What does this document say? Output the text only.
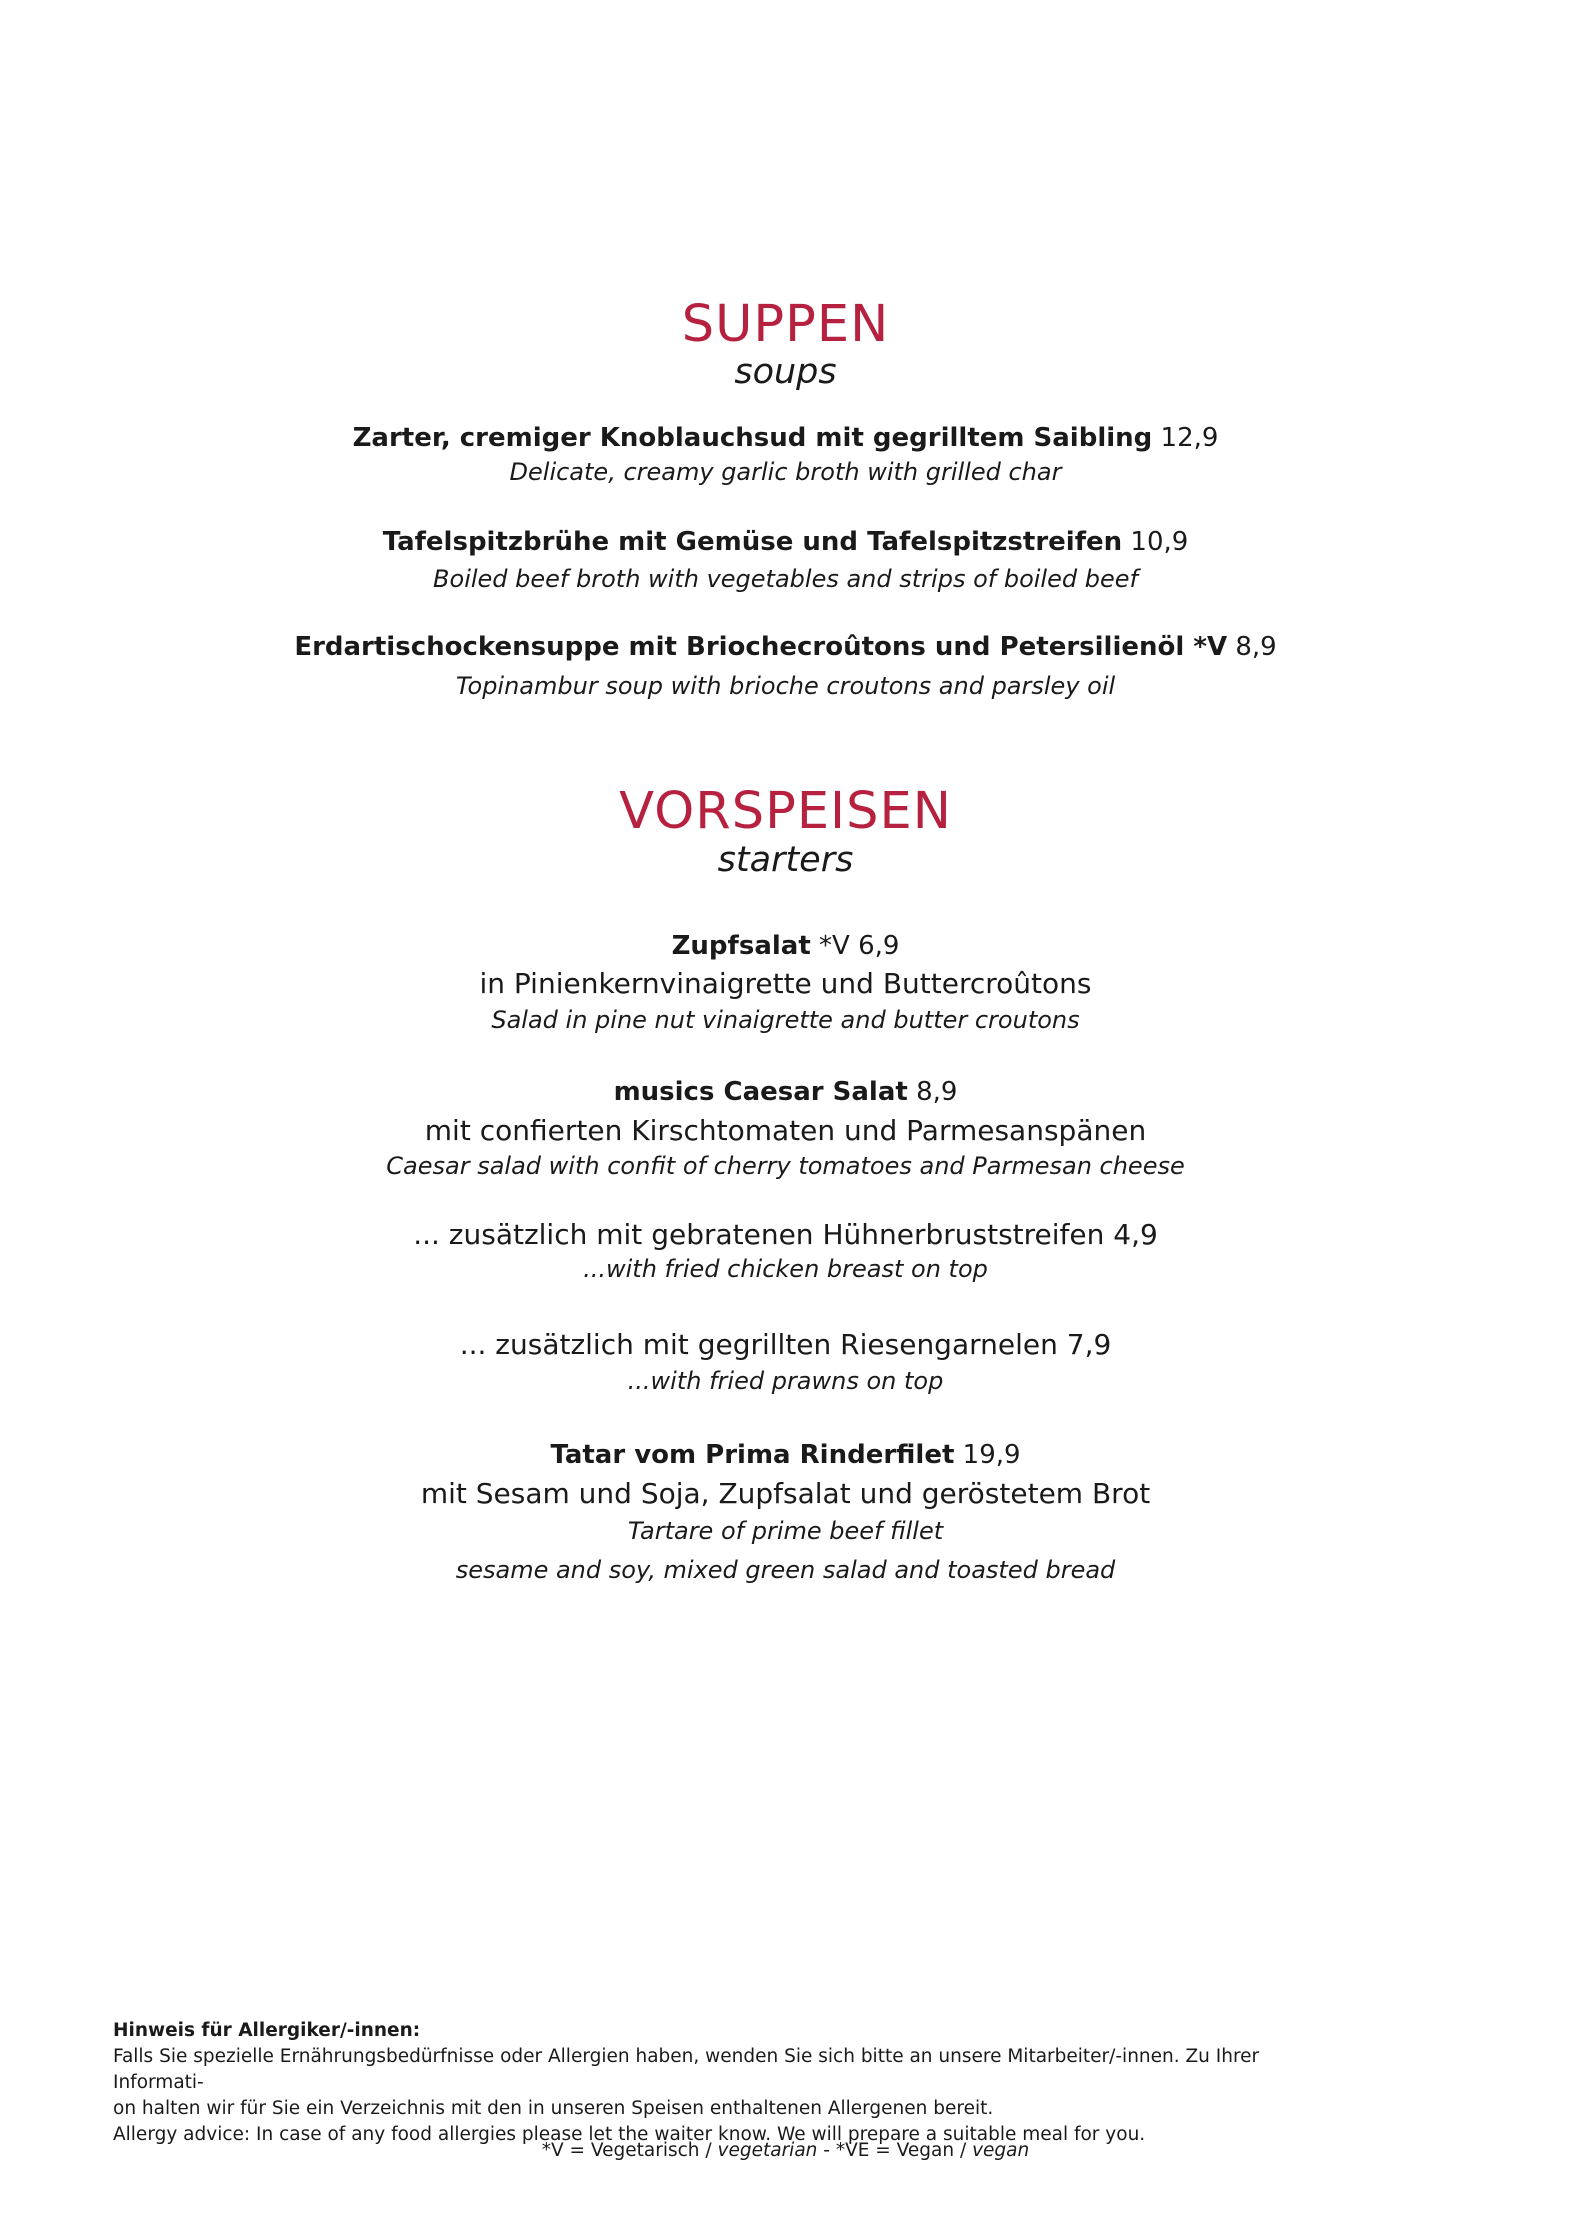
SUPPEN
soups
Zarter, cremiger Knoblauchsud mit gegrilltem Saibling 12,9
Delicate, creamy garlic broth with grilled char
Tafelspitzbrühe mit Gemüse und Tafelspitzstreifen 10,9
Boiled beef broth with vegetables and strips of boiled beef
Erdartischockensuppe mit Briochecroûtons und Petersilienöl *V 8,9
Topinambur soup with brioche croutons and parsley oil
VORSPEISEN
starters
Zupfsalat *V 6,9
in Pinienkernvinaigrette und Buttercroûtons
Salad in pine nut vinaigrette and butter croutons
musics Caesar Salat 8,9
mit confierten Kirschtomaten und Parmesanspänen
Caesar salad with confit of cherry tomatoes and Parmesan cheese
... zusätzlich mit gebratenen Hühnerbruststreifen 4,9
...with fried chicken breast on top
... zusätzlich mit gegrillten Riesengarnelen 7,9
...with fried prawns on top
Tatar vom Prima Rinderfilet 19,9
mit Sesam und Soja, Zupfsalat und geröstetem Brot
Tartare of prime beef fillet
sesame and soy, mixed green salad and toasted bread
Hinweis für Allergiker/-innen:
Falls Sie spezielle Ernährungsbedürfnisse oder Allergien haben, wenden Sie sich bitte an unsere Mitarbeiter/-innen. Zu Ihrer Informati-
on halten wir für Sie ein Verzeichnis mit den in unseren Speisen enthaltenen Allergenen bereit.
Allergy advice: In case of any food allergies please let the waiter know. We will prepare a suitable meal for you.
*V = Vegetarisch / vegetarian - *VE = Vegan / vegan
